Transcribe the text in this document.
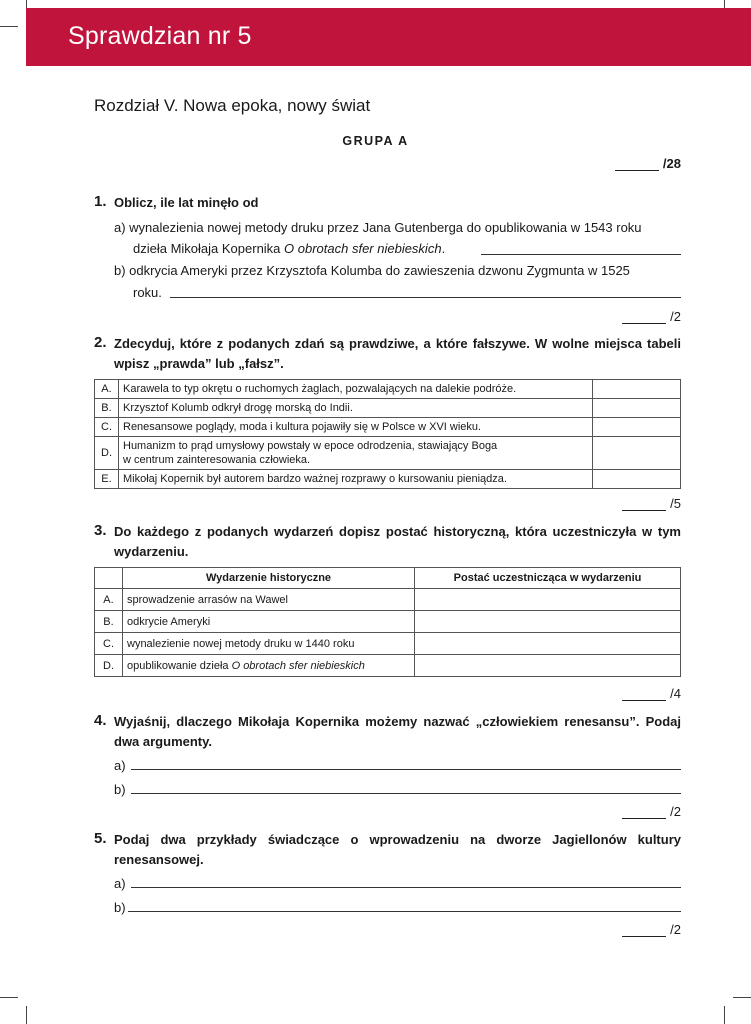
Sprawdzian nr 5
Rozdział V. Nowa epoka, nowy świat
GRUPA A
/28
1. Oblicz, ile lat minęło od

a) wynalezienia nowej metody druku przez Jana Gutenberga do opublikowania w 1543 roku
dzieła Mikołaja Kopernika O obrotach sfer niebieskich.
b) odkrycia Ameryki przez Krzysztofa Kolumba do zawieszenia dzwonu Zygmunta w 1525
roku.
/2
2. Zdecyduj, które z podanych zdań są prawdziwe, a które fałszywe. W wolne miejsca tabeli wpisz „prawda” lub „fałsz”.

A.	Karawela to typ okrętu o ruchomych żaglach, pozwalających na dalekie podróże.	
B.	Krzysztof Kolumb odkrył drogę morską do Indii.	
C.	Renesansowe poglądy, moda i kultura pojawiły się w Polsce w XVI wieku.	
D.	Humanizm to prąd umysłowy powstały w epoce odrodzenia, stawiający Boga
w centrum zainteresowania człowieka.	

E.	Mikołaj Kopernik był autorem bardzo ważnej rozprawy o kursowaniu pieniądza.	
/5
3. Do każdego z podanych wydarzeń dopisz postać historyczną, która uczestniczyła w tym wydarzeniu.

	Wydarzenie historyczne	Postać uczestnicząca w wydarzeniu
A.	sprowadzenie arrasów na Wawel	
B.	odkrycie Ameryki	
C.	wynalezienie nowej metody druku w 1440 roku	
D.	opublikowanie dzieła O obrotach sfer niebieskich	
/4
4. Wyjaśnij, dlaczego Mikołaja Kopernika możemy nazwać „człowiekiem renesansu”. Podaj dwa argumenty.

a)
b)
/2
5. Podaj dwa przykłady świadczące o wprowadzeniu na dworze Jagiellonów kultury renesansowej.

a)
b)
/2
